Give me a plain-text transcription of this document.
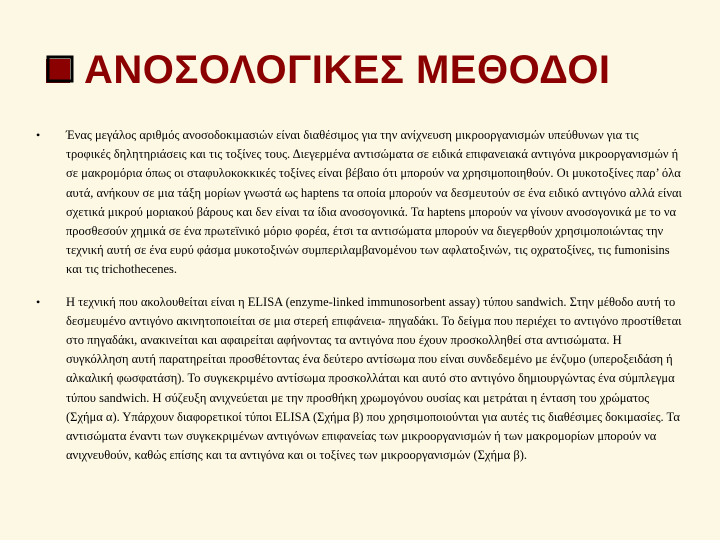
ΑΝΟΣΟΛΟΓΙΚΕΣ ΜΕΘΟΔΟΙ
•	Ένας μεγάλος αριθμός ανοσοδοκιμασιών είναι διαθέσιμος για την ανίχνευση μικροοργανισμών υπεύθυνων για τις τροφικές δηλητηριάσεις και τις τοξίνες τους. Διεγερμένα αντισώματα σε ειδικά επιφανειακά αντιγόνα μικροοργανισμών ή σε μακρομόρια όπως οι σταφυλοκοκκικές τοξίνες είναι βέβαιο ότι μπορούν να χρησιμοποιηθούν. Οι μυκοτοξίνες παρ’ όλα αυτά, ανήκουν σε μια τάξη μορίων γνωστά ως haptens τα οποία μπορούν να δεσμευτούν σε ένα ειδικό αντιγόνο αλλά είναι σχετικά μικρού μοριακού βάρους και δεν είναι τα ίδια ανοσογονικά. Τα haptens μπορούν να γίνουν ανοσογονικά με το να προσθεσούν χημικά σε ένα πρωτεϊνικό μόριο φορέα, έτσι τα αντισώματα μπορούν να διεγερθούν χρησιμοποιώντας την τεχνική αυτή σε ένα ευρύ φάσμα μυκοτοξινών συμπεριλαμβανομένου των αφλατοξινών, τις οχρατοξίνες, τις fumonisins και τις trichothecenes.
•	Η τεχνική που ακολουθείται είναι η ELISA (enzyme-linked immunosorbent assay) τύπου sandwich. Στην μέθοδο αυτή το δεσμευμένο αντιγόνο ακινητοποιείται σε μια στερεή επιφάνεια- πηγαδάκι. Το δείγμα που περιέχει το αντιγόνο προστίθεται στο πηγαδάκι, ανακινείται και αφαιρείται αφήνοντας τα αντιγόνα που έχουν προσκολληθεί στα αντισώματα. Η συγκόλληση αυτή παρατηρείται προσθέτοντας ένα δεύτερο αντίσωμα που είναι συνδεδεμένο με ένζυμο (υπεροξειδάση ή αλκαλική φωσφατάση). Το συγκεκριμένο αντίσωμα προσκολλάται και αυτό στο αντιγόνο δημιουργώντας ένα σύμπλεγμα τύπου sandwich. Η σύζευξη ανιχνεύεται με την προσθήκη χρωμογόνου ουσίας και μετράται η ένταση του χρώματος (Σχήμα α). Υπάρχουν διαφορετικοί τύποι ELISA (Σχήμα β) που χρησιμοποιούνται για αυτές τις διαθέσιμες δοκιμασίες. Τα αντισώματα έναντι των συγκεκριμένων αντιγόνων επιφανείας των μικροοργανισμών ή των μακρομορίων μπορούν να ανιχνευθούν, καθώς επίσης και τα αντιγόνα και οι τοξίνες των μικροοργανισμών (Σχήμα β).
